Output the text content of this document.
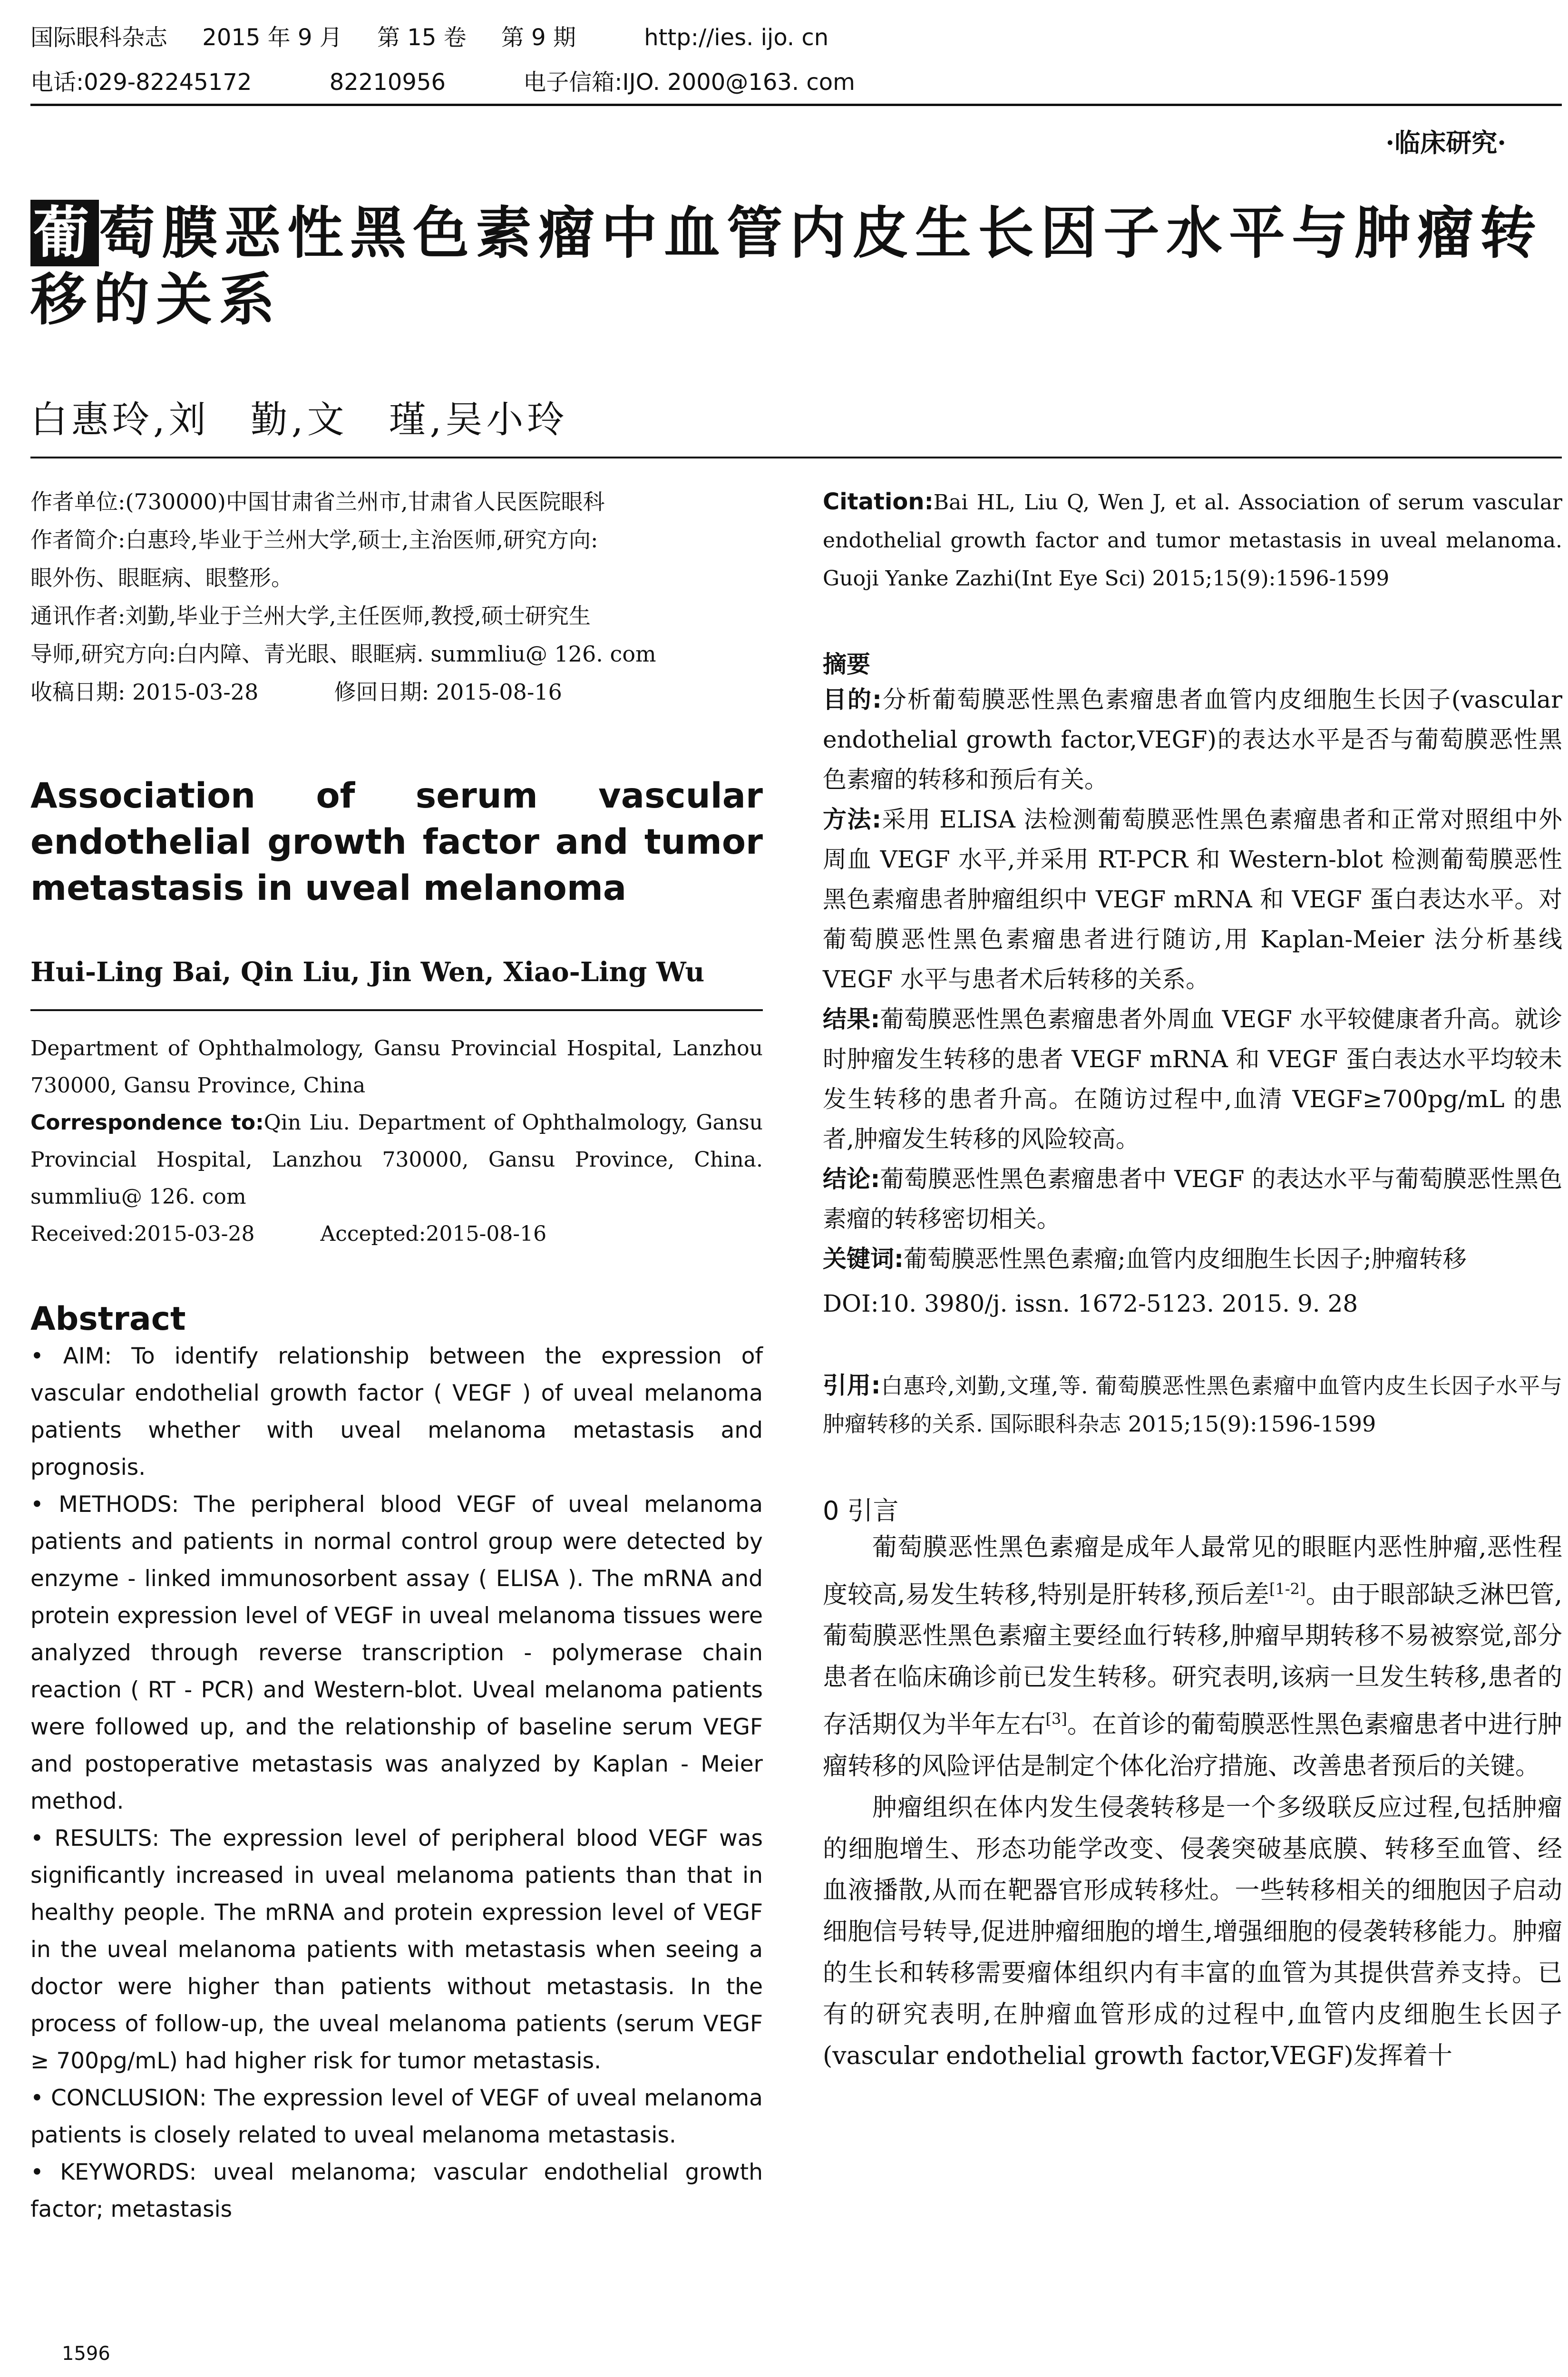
国际眼科杂志 2015 年 9 月 第 15 卷 第 9 期	http://ies. ijo. cn
电话:029-82245172	82210956	电子信箱:IJO. 2000@163. com
·临床研究·
葡萄膜恶性黑色素瘤中血管内皮生长因子水平与肿瘤转
移的关系
白惠玲,刘　勤,文　瑾,吴小玲

作者单位:(730000)中国甘肃省兰州市,甘肃省人民医院眼科

作者简介:白惠玲,毕业于兰州大学,硕士,主治医师,研究方向:

眼外伤、眼眶病、眼整形。

通讯作者:刘勤,毕业于兰州大学,主任医师,教授,硕士研究生

导师,研究方向:白内障、青光眼、眼眶病. summliu@ 126. com

收稿日期: 2015-03-28	修回日期: 2015-08-16

Association of serum vascular endothelial growth factor and tumor metastasis in uveal melanoma
Hui-Ling Bai, Qin Liu, Jin Wen, Xiao-Ling Wu

Department of Ophthalmology, Gansu Provincial Hospital, Lanzhou 730000, Gansu Province, China

Correspondence to:Qin Liu. Department of Ophthalmology, Gansu Provincial Hospital, Lanzhou 730000, Gansu Province, China. summliu@ 126. com

Received:2015-03-28	Accepted:2015-08-16

Abstract

• AIM: To identify relationship between the expression of vascular endothelial growth factor ( VEGF ) of uveal melanoma patients whether with uveal melanoma metastasis and prognosis.

• METHODS: The peripheral blood VEGF of uveal melanoma patients and patients in normal control group were detected by enzyme - linked immunosorbent assay ( ELISA ). The mRNA and protein expression level of VEGF in uveal melanoma tissues were analyzed through reverse transcription - polymerase chain reaction ( RT - PCR) and Western-blot. Uveal melanoma patients were followed up, and the relationship of baseline serum VEGF and postoperative metastasis was analyzed by Kaplan - Meier method.

• RESULTS: The expression level of peripheral blood VEGF was significantly increased in uveal melanoma patients than that in healthy people. The mRNA and protein expression level of VEGF in the uveal melanoma patients with metastasis when seeing a doctor were higher than patients without metastasis. In the process of follow-up, the uveal melanoma patients (serum VEGF ≥ 700pg/mL) had higher risk for tumor metastasis.

• CONCLUSION: The expression level of VEGF of uveal melanoma patients is closely related to uveal melanoma metastasis.

• KEYWORDS: uveal melanoma; vascular endothelial growth factor; metastasis

Citation:Bai HL, Liu Q, Wen J, et al. Association of serum vascular endothelial growth factor and tumor metastasis in uveal melanoma. Guoji Yanke Zazhi(Int Eye Sci) 2015;15(9):1596-1599
摘要

目的:分析葡萄膜恶性黑色素瘤患者血管内皮细胞生长因子(vascular endothelial growth factor,VEGF)的表达水平是否与葡萄膜恶性黑色素瘤的转移和预后有关。

方法:采用 ELISA 法检测葡萄膜恶性黑色素瘤患者和正常对照组中外周血 VEGF 水平,并采用 RT-PCR 和 Western-blot 检测葡萄膜恶性黑色素瘤患者肿瘤组织中 VEGF mRNA 和 VEGF 蛋白表达水平。对葡萄膜恶性黑色素瘤患者进行随访,用 Kaplan-Meier 法分析基线 VEGF 水平与患者术后转移的关系。

结果:葡萄膜恶性黑色素瘤患者外周血 VEGF 水平较健康者升高。就诊时肿瘤发生转移的患者 VEGF mRNA 和 VEGF 蛋白表达水平均较未发生转移的患者升高。在随访过程中,血清 VEGF≥700pg/mL 的患者,肿瘤发生转移的风险较高。

结论:葡萄膜恶性黑色素瘤患者中 VEGF 的表达水平与葡萄膜恶性黑色素瘤的转移密切相关。

关键词:葡萄膜恶性黑色素瘤;血管内皮细胞生长因子;肿瘤转移

DOI:10. 3980/j. issn. 1672-5123. 2015. 9. 28

引用:白惠玲,刘勤,文瑾,等. 葡萄膜恶性黑色素瘤中血管内皮生长因子水平与肿瘤转移的关系. 国际眼科杂志 2015;15(9):1596-1599
0 引言

葡萄膜恶性黑色素瘤是成年人最常见的眼眶内恶性肿瘤,恶性程度较高,易发生转移,特别是肝转移,预后差[1-2]。由于眼部缺乏淋巴管,葡萄膜恶性黑色素瘤主要经血行转移,肿瘤早期转移不易被察觉,部分患者在临床确诊前已发生转移。研究表明,该病一旦发生转移,患者的存活期仅为半年左右[3]。在首诊的葡萄膜恶性黑色素瘤患者中进行肿瘤转移的风险评估是制定个体化治疗措施、改善患者预后的关键。

肿瘤组织在体内发生侵袭转移是一个多级联反应过程,包括肿瘤的细胞增生、形态功能学改变、侵袭突破基底膜、转移至血管、经血液播散,从而在靶器官形成转移灶。一些转移相关的细胞因子启动细胞信号转导,促进肿瘤细胞的增生,增强细胞的侵袭转移能力。肿瘤的生长和转移需要瘤体组织内有丰富的血管为其提供营养支持。已有的研究表明,在肿瘤血管形成的过程中,血管内皮细胞生长因子(vascular endothelial growth factor,VEGF)发挥着十

1596
